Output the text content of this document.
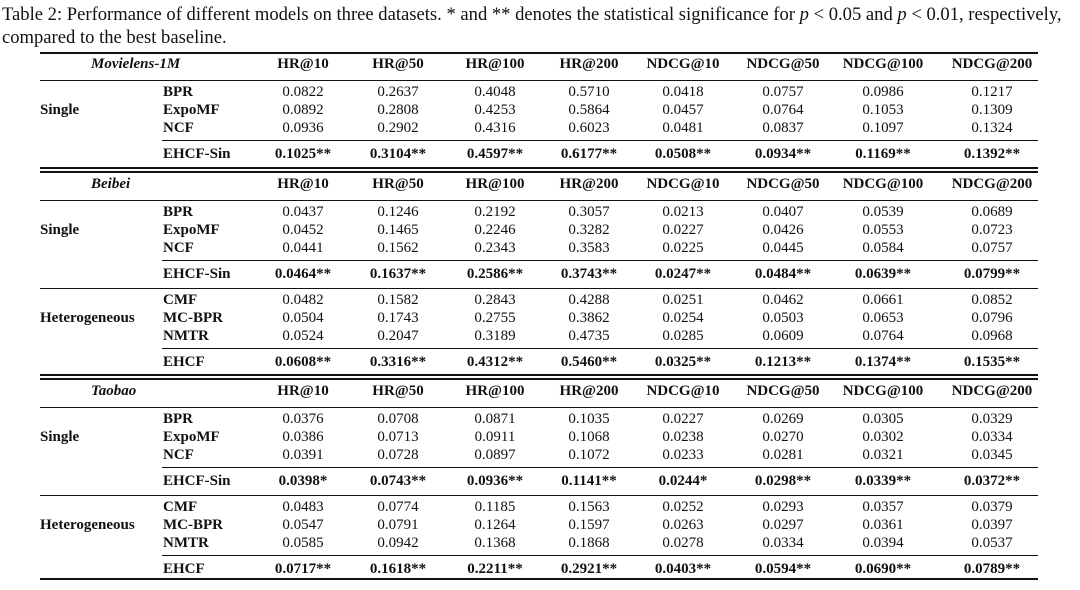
Table 2: Performance of different models on three datasets. * and ** denotes the statistical significance for p < 0.05 and p < 0.01, respectively, compared to the best baseline.

Movielens-1M	HR@10	HR@50	HR@100 HR@200 NDCG@10 NDCG@50 NDCG@100 NDCG@200
BPR	0.0822	0.2637	0.4048	0.5710	0.0418	0.0757	0.0986	0.1217
ExpoMF	0.0892	0.2808	0.4253	0.5864	0.0457	0.0764	0.1053	0.1309
NCF	0.0936	0.2902	0.4316	0.6023	0.0481	0.0837	0.1097	0.1324
Single
EHCF-Sin	0.1025**	0.3104**	0.4597**	0.6177**	0.0508**	0.0934**	0.1169**	0.1392**
Beibei	HR@10	HR@50	HR@100 HR@200 NDCG@10 NDCG@50 NDCG@100 NDCG@200
BPR	0.0437	0.1246	0.2192	0.3057	0.0213	0.0407	0.0539	0.0689
ExpoMF	0.0452	0.1465	0.2246	0.3282	0.0227	0.0426	0.0553	0.0723
NCF	0.0441	0.1562	0.2343	0.3583	0.0225	0.0445	0.0584	0.0757
Single
EHCF-Sin	0.0464**	0.1637**	0.2586**	0.3743**	0.0247**	0.0484**	0.0639**	0.0799**
CMF	0.0482	0.1582	0.2843	0.4288	0.0251	0.0462	0.0661	0.0852
MC-BPR	0.0504	0.1743	0.2755	0.3862	0.0254	0.0503	0.0653	0.0796
NMTR	0.0524	0.2047	0.3189	0.4735	0.0285	0.0609	0.0764	0.0968
Heterogeneous
EHCF	0.0608**	0.3316**	0.4312**	0.5460**	0.0325**	0.1213**	0.1374**	0.1535**
Taobao	HR@10	HR@50	HR@100 HR@200 NDCG@10 NDCG@50 NDCG@100 NDCG@200
BPR	0.0376	0.0708	0.0871	0.1035	0.0227	0.0269	0.0305	0.0329
ExpoMF	0.0386	0.0713	0.0911	0.1068	0.0238	0.0270	0.0302	0.0334
NCF	0.0391	0.0728	0.0897	0.1072	0.0233	0.0281	0.0321	0.0345
Single
EHCF-Sin	0.0398*	0.0743**	0.0936**	0.1141**	0.0244*	0.0298**	0.0339**	0.0372**
CMF	0.0483	0.0774	0.1185	0.1563	0.0252	0.0293	0.0357	0.0379
MC-BPR	0.0547	0.0791	0.1264	0.1597	0.0263	0.0297	0.0361	0.0397
NMTR	0.0585	0.0942	0.1368	0.1868	0.0278	0.0334	0.0394	0.0537
Heterogeneous
EHCF	0.0717**	0.1618**	0.2211**	0.2921**	0.0403**	0.0594**	0.0690**	0.0789**
